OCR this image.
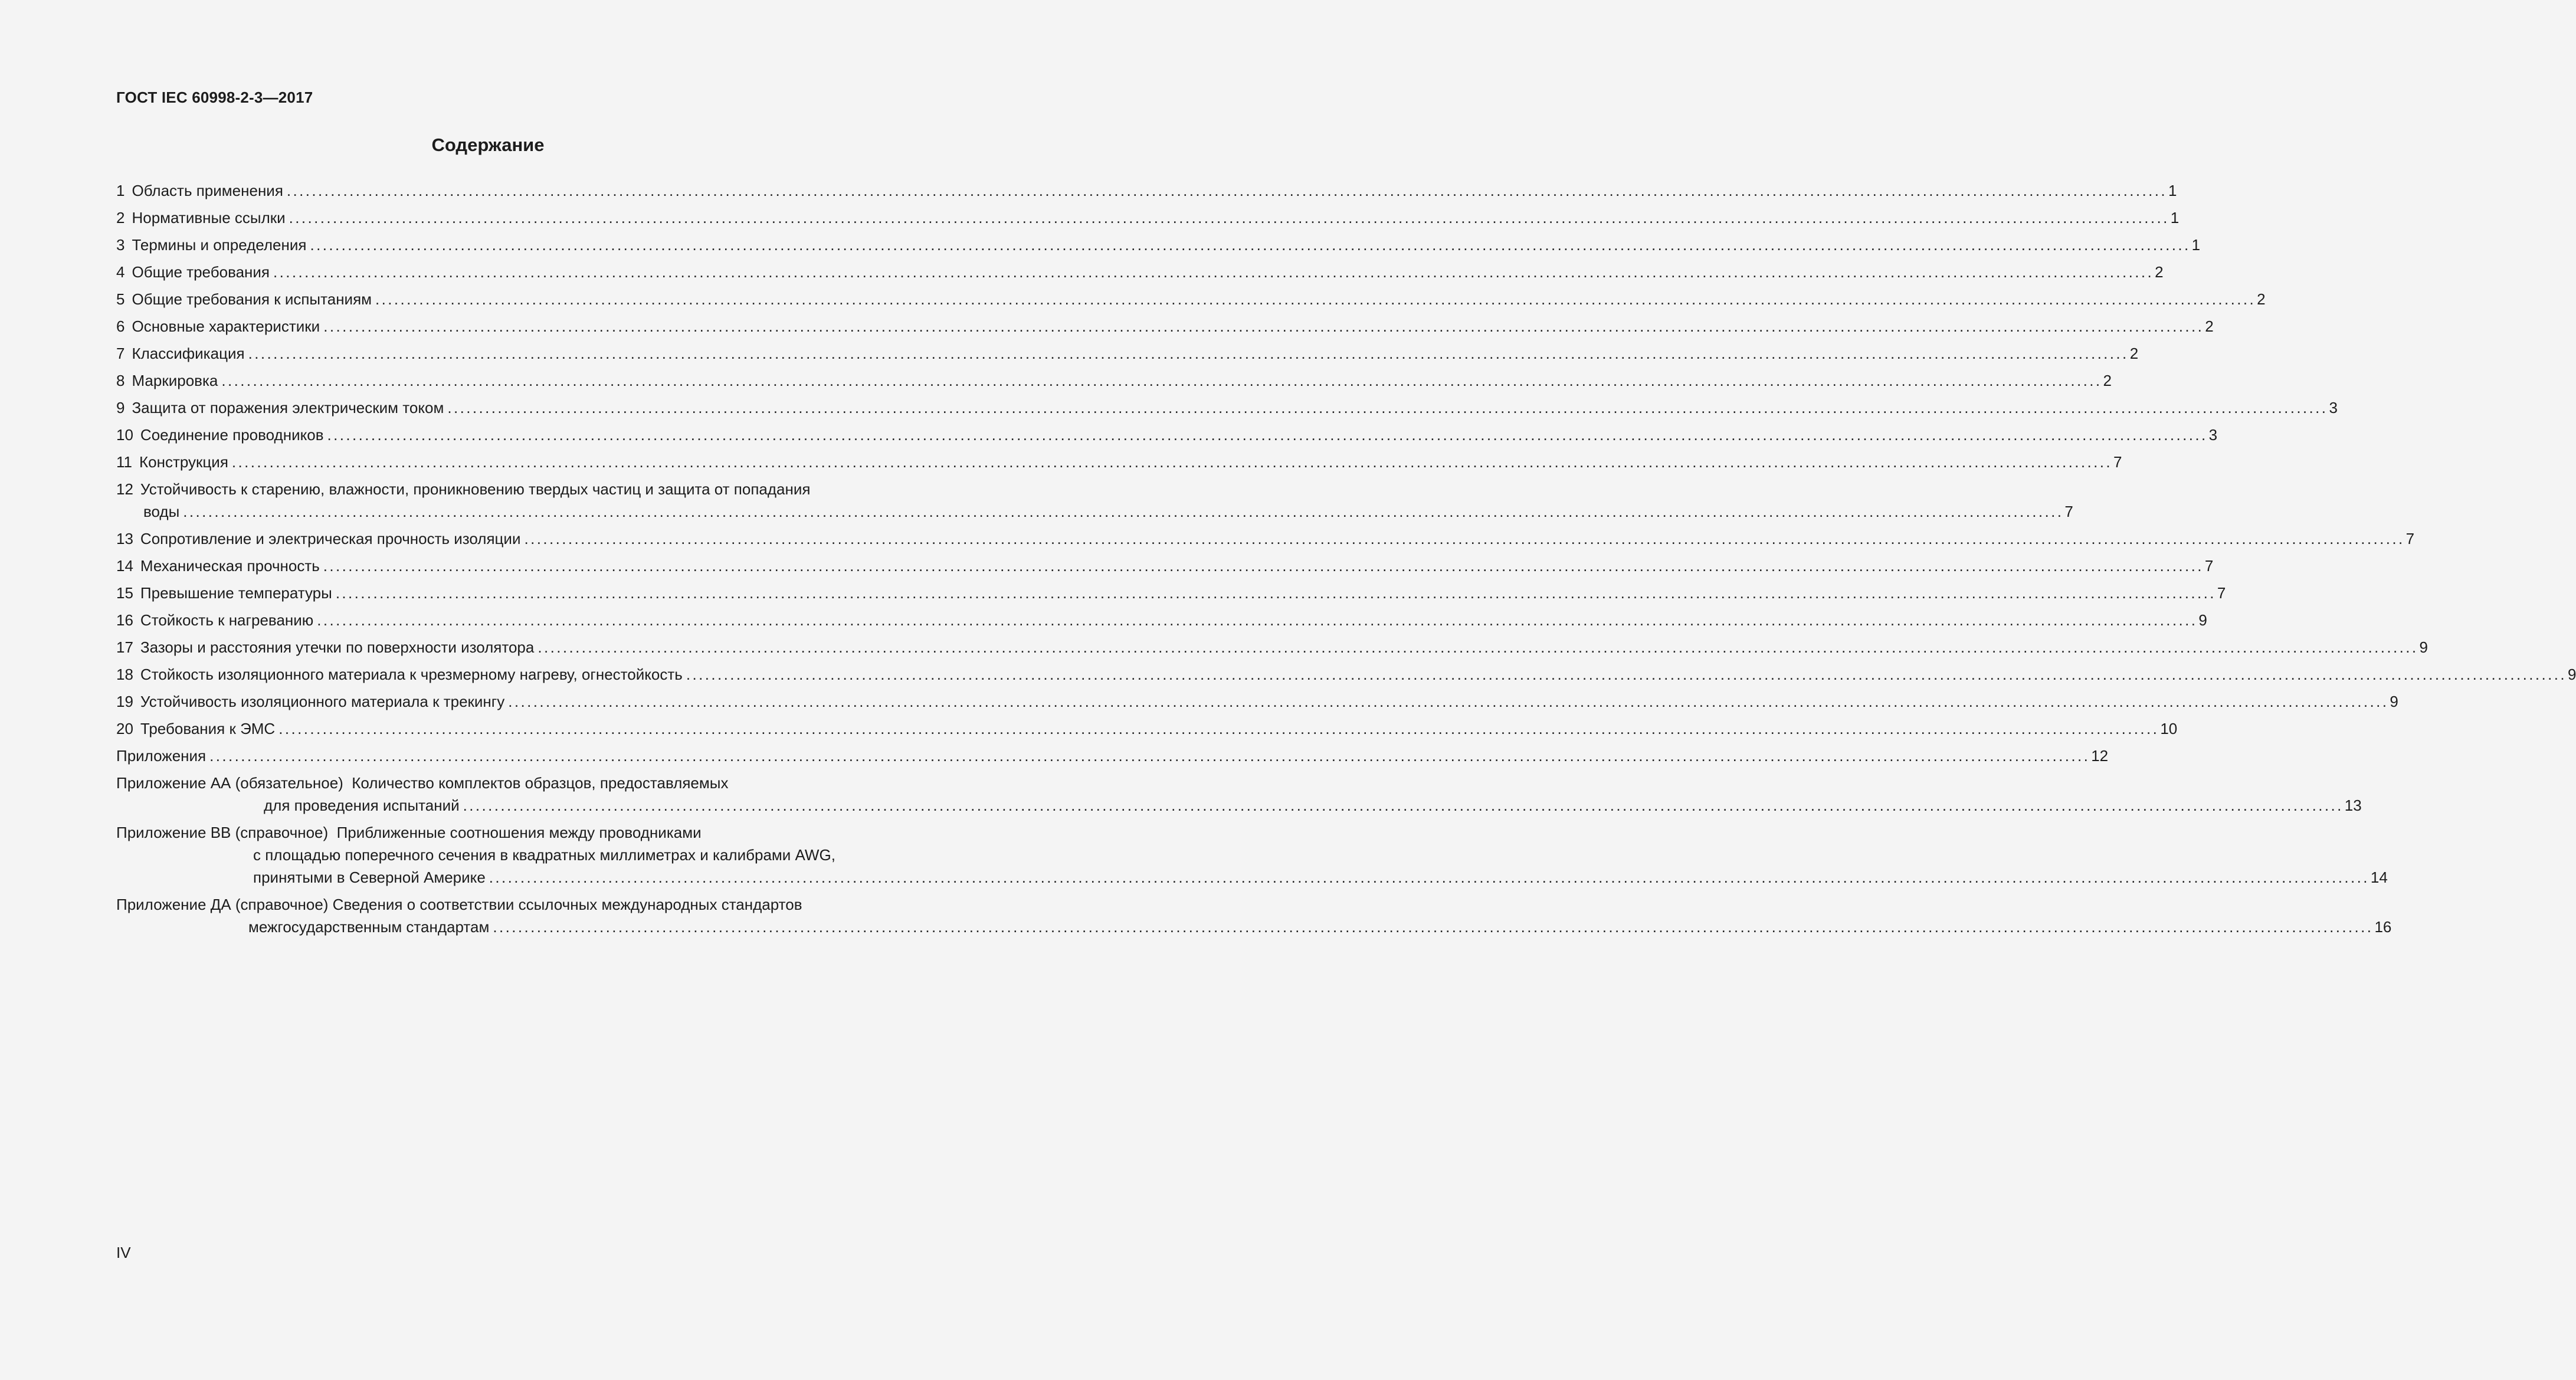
ГОСТ IEC 60998-2-3—2017
Содержание
1 Область применения ............................................................................................................................................................................................................................................................................................................ 1
2 Нормативные ссылки ............................................................................................................................................................................................................................................................................................................ 1
3 Термины и определения ............................................................................................................................................................................................................................................................................................................ 1
4 Общие требования ............................................................................................................................................................................................................................................................................................................ 2
5 Общие требования к испытаниям ............................................................................................................................................................................................................................................................................................................ 2
6 Основные характеристики ............................................................................................................................................................................................................................................................................................................ 2
7 Классификация ............................................................................................................................................................................................................................................................................................................ 2
8 Маркировка ............................................................................................................................................................................................................................................................................................................ 2
9 Защита от поражения электрическим током ............................................................................................................................................................................................................................................................................................................ 3
10 Соединение проводников ............................................................................................................................................................................................................................................................................................................ 3
11 Конструкция ............................................................................................................................................................................................................................................................................................................ 7
12 Устойчивость к старению, влажности, проникновению твердых частиц и защита от попадания
воды ............................................................................................................................................................................................................................................................................................................ 7
13 Сопротивление и электрическая прочность изоляции ............................................................................................................................................................................................................................................................................................................ 7
14 Механическая прочность ............................................................................................................................................................................................................................................................................................................ 7
15 Превышение температуры ............................................................................................................................................................................................................................................................................................................ 7
16 Стойкость к нагреванию ............................................................................................................................................................................................................................................................................................................ 9
17 Зазоры и расстояния утечки по поверхности изолятора ............................................................................................................................................................................................................................................................................................................ 9
18 Стойкость изоляционного материала к чрезмерному нагреву, огнестойкость ............................................................................................................................................................................................................................................................................................................ 9
19 Устойчивость изоляционного материала к трекингу ............................................................................................................................................................................................................................................................................................................ 9
20 Требования к ЭМС ............................................................................................................................................................................................................................................................................................................ 10
Приложения ............................................................................................................................................................................................................................................................................................................ 12
Приложение АА (обязательное)  Количество комплектов образцов, предоставляемых
для проведения испытаний ............................................................................................................................................................................................................................................................................................................ 13
Приложение ВВ (справочное)  Приближенные соотношения между проводниками
с площадью поперечного сечения в квадратных миллиметрах и калибрами AWG,
принятыми в Северной Америке ............................................................................................................................................................................................................................................................................................................ 14
Приложение ДА (справочное) Сведения о соответствии ссылочных международных стандартов
межгосударственным стандартам ............................................................................................................................................................................................................................................................................................................ 16
IV
